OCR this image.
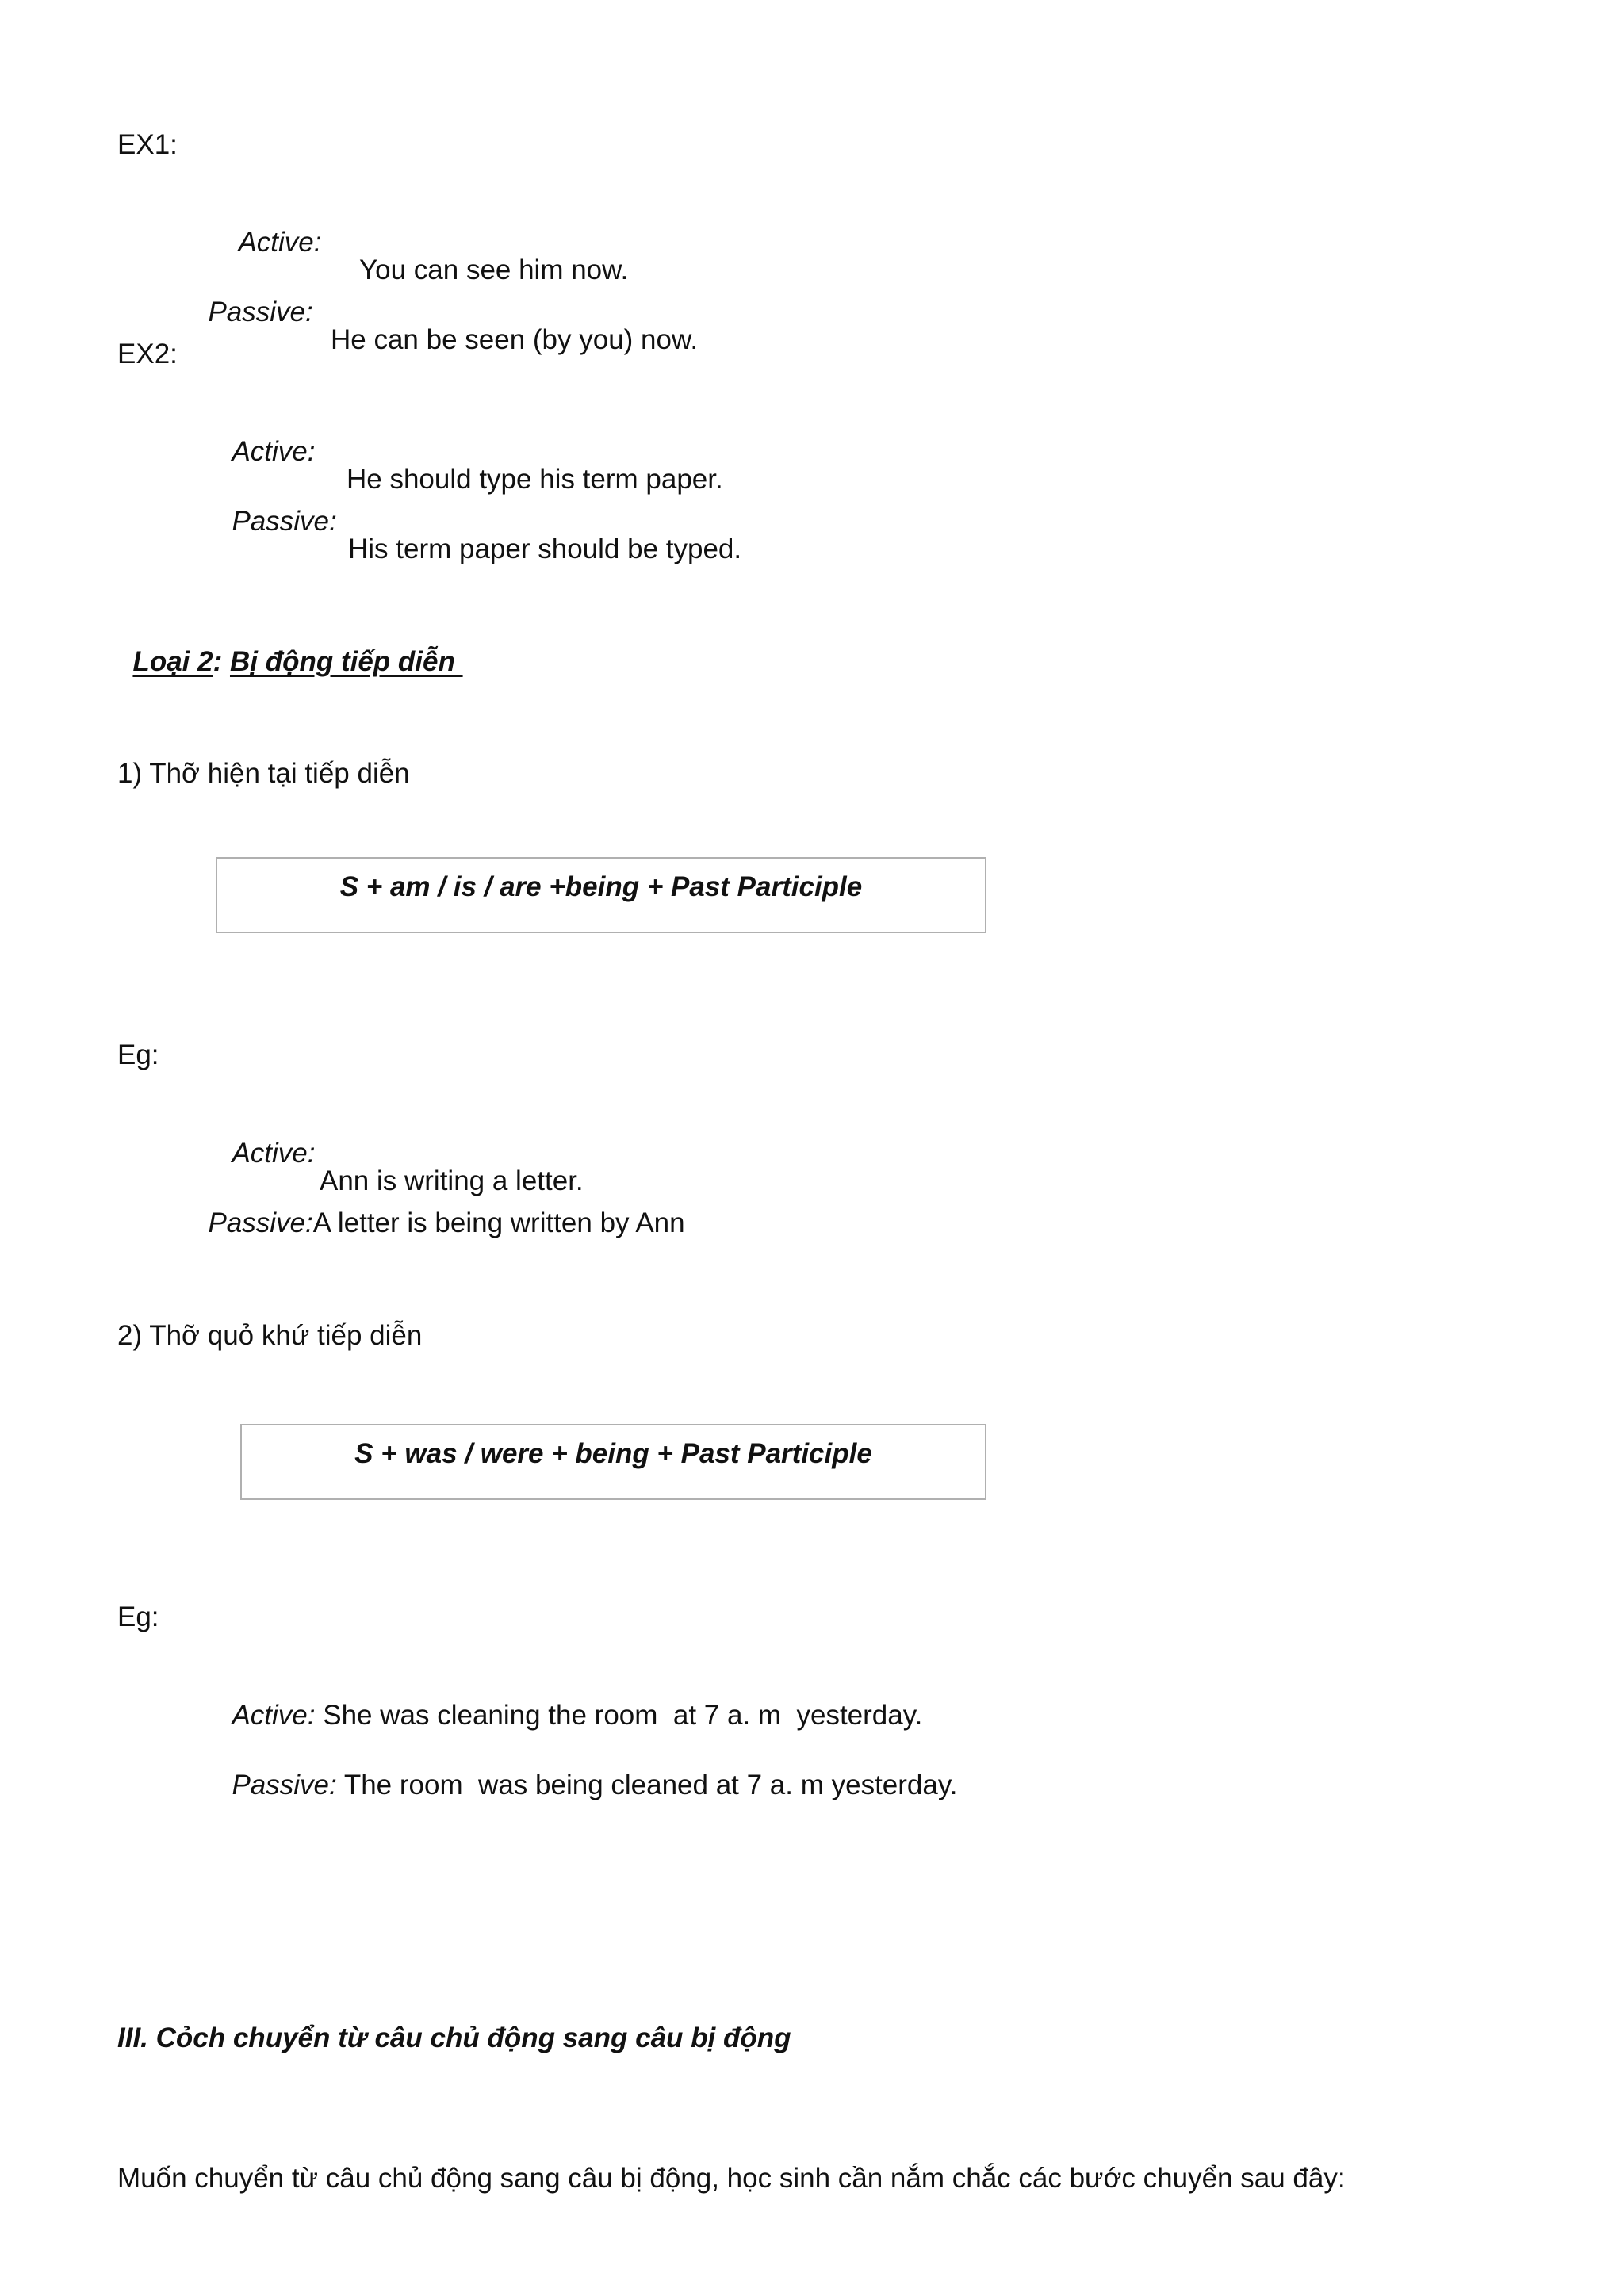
EX1:

Active:

You can see him now.

Passive:

He can be seen (by you) now.

EX2:

Active:

He should type his term paper.

Passive:

His term paper should be typed.

Loại 2: Bị động tiếp diễn

1) Thỡ hiện tại tiếp diễn
S + am / is / are +being + Past Participle
Eg:

Active:

Ann is writing a letter.

Passive:A letter is being written by Ann

2) Thỡ quỏ khứ tiếp diễn
S + was / were + being + Past Participle
Eg:

Active: She was cleaning the room  at 7 a. m  yesterday.

Passive: The room  was being cleaned at 7 a. m yesterday.

III. Cỏch chuyển từ câu chủ động sang câu bị động
Muốn chuyển từ câu chủ động sang câu bị động, học sinh cần nắm chắc các bước chuyển sau đây:
